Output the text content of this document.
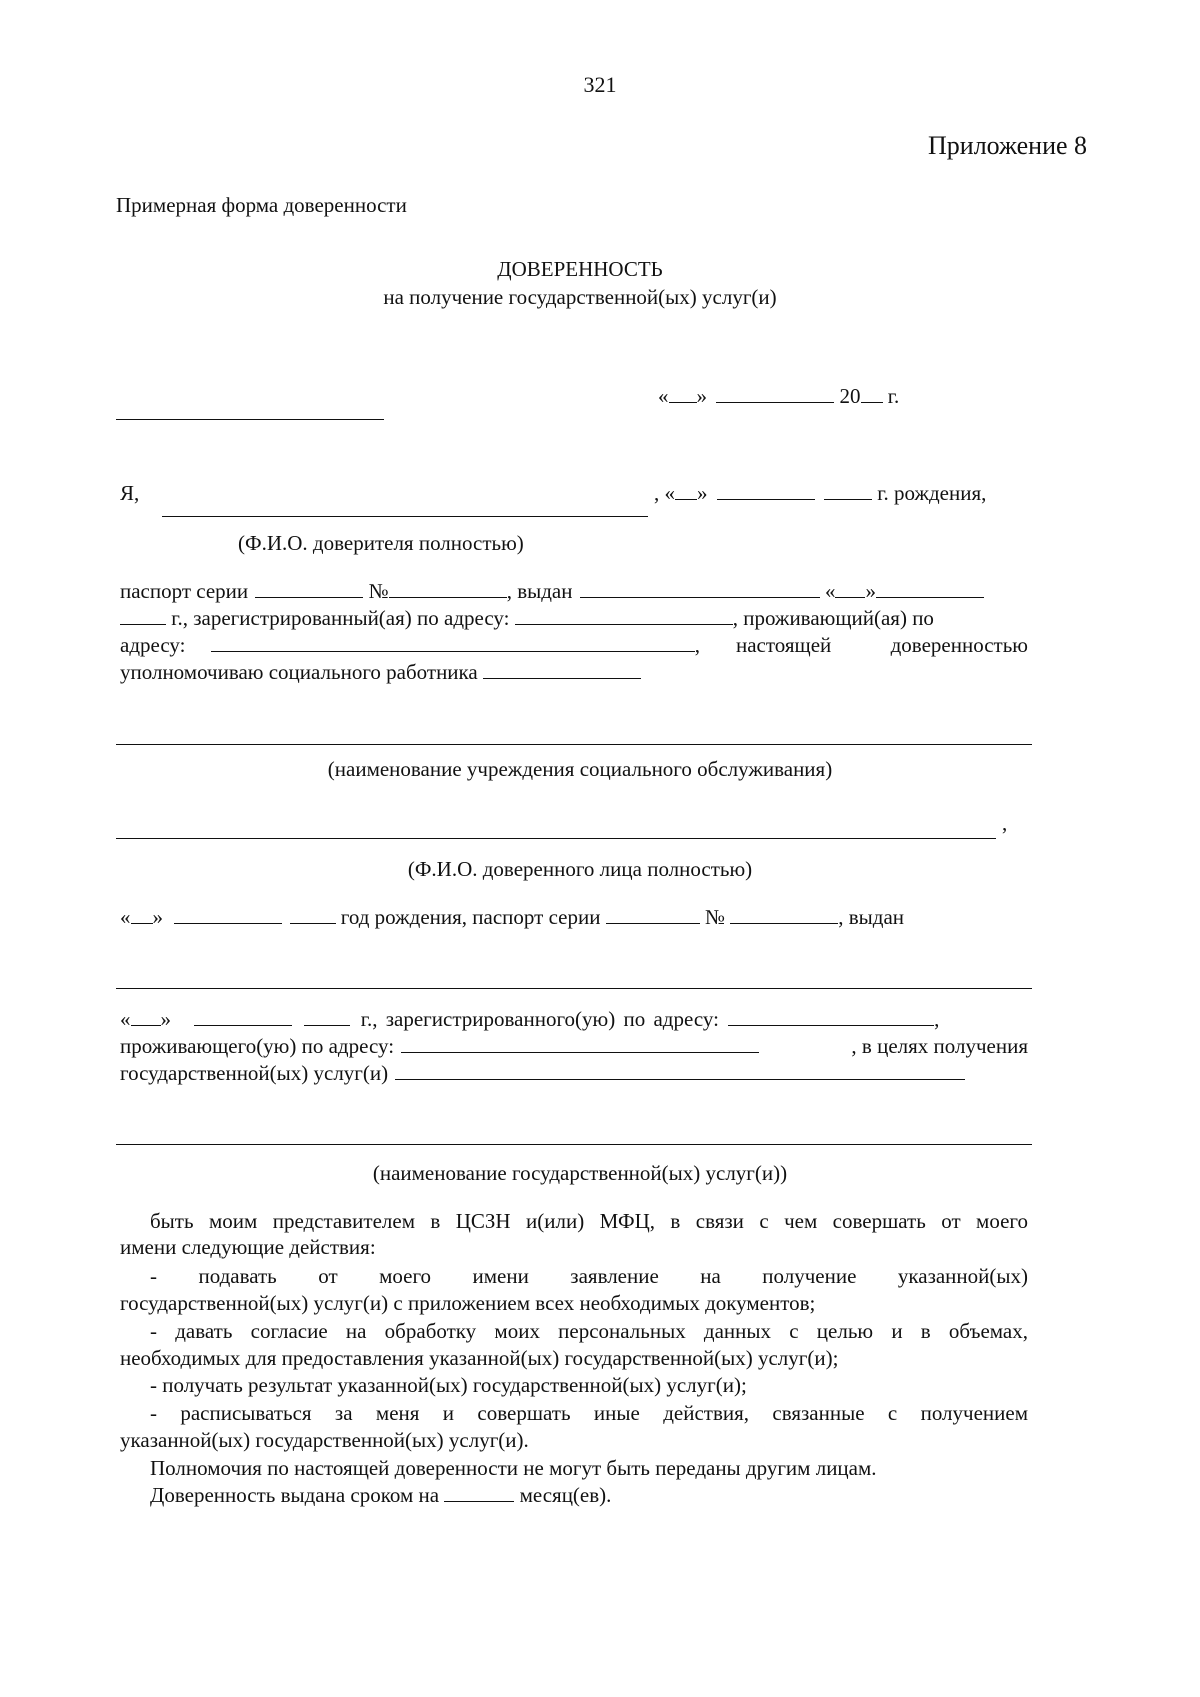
321
Приложение 8
Примерная форма доверенности
ДОВЕРЕННОСТЬ
на получение государственной(ых) услуг(и)
« »	20 г.
Я,	, « »	г. рождения,
(Ф.И.О. доверителя полностью)
паспорт серии	№	, выдан	« »
г., зарегистрированный(ая) по адресу:	, проживающий(ая) по
адресу:	, настоящей	доверенностью
уполномочиваю социального работника
(наименование учреждения социального обслуживания)
,
(Ф.И.О. доверенного лица полностью)
« »	год рождения, паспорт серии	№	, выдан
« »	г., зарегистрированного(ую) по адресу:	,
проживающего(ую) по адресу:	, в целях получения
государственной(ых) услуг(и)
(наименование государственной(ых) услуг(и))
быть моим представителем в ЦСЗН и(или) МФЦ, в связи с чем совершать от моего
имени следующие действия:
- подавать от моего имени заявление на получение указанной(ых)
государственной(ых) услуг(и) с приложением всех необходимых документов;
- давать согласие на обработку моих персональных данных с целью и в объемах,
необходимых для предоставления указанной(ых) государственной(ых) услуг(и);
- получать результат указанной(ых) государственной(ых) услуг(и);
- расписываться за меня и совершать иные действия, связанные с получением
указанной(ых) государственной(ых) услуг(и).
Полномочия по настоящей доверенности не могут быть переданы другим лицам.
Доверенность выдана сроком на	месяц(ев).
